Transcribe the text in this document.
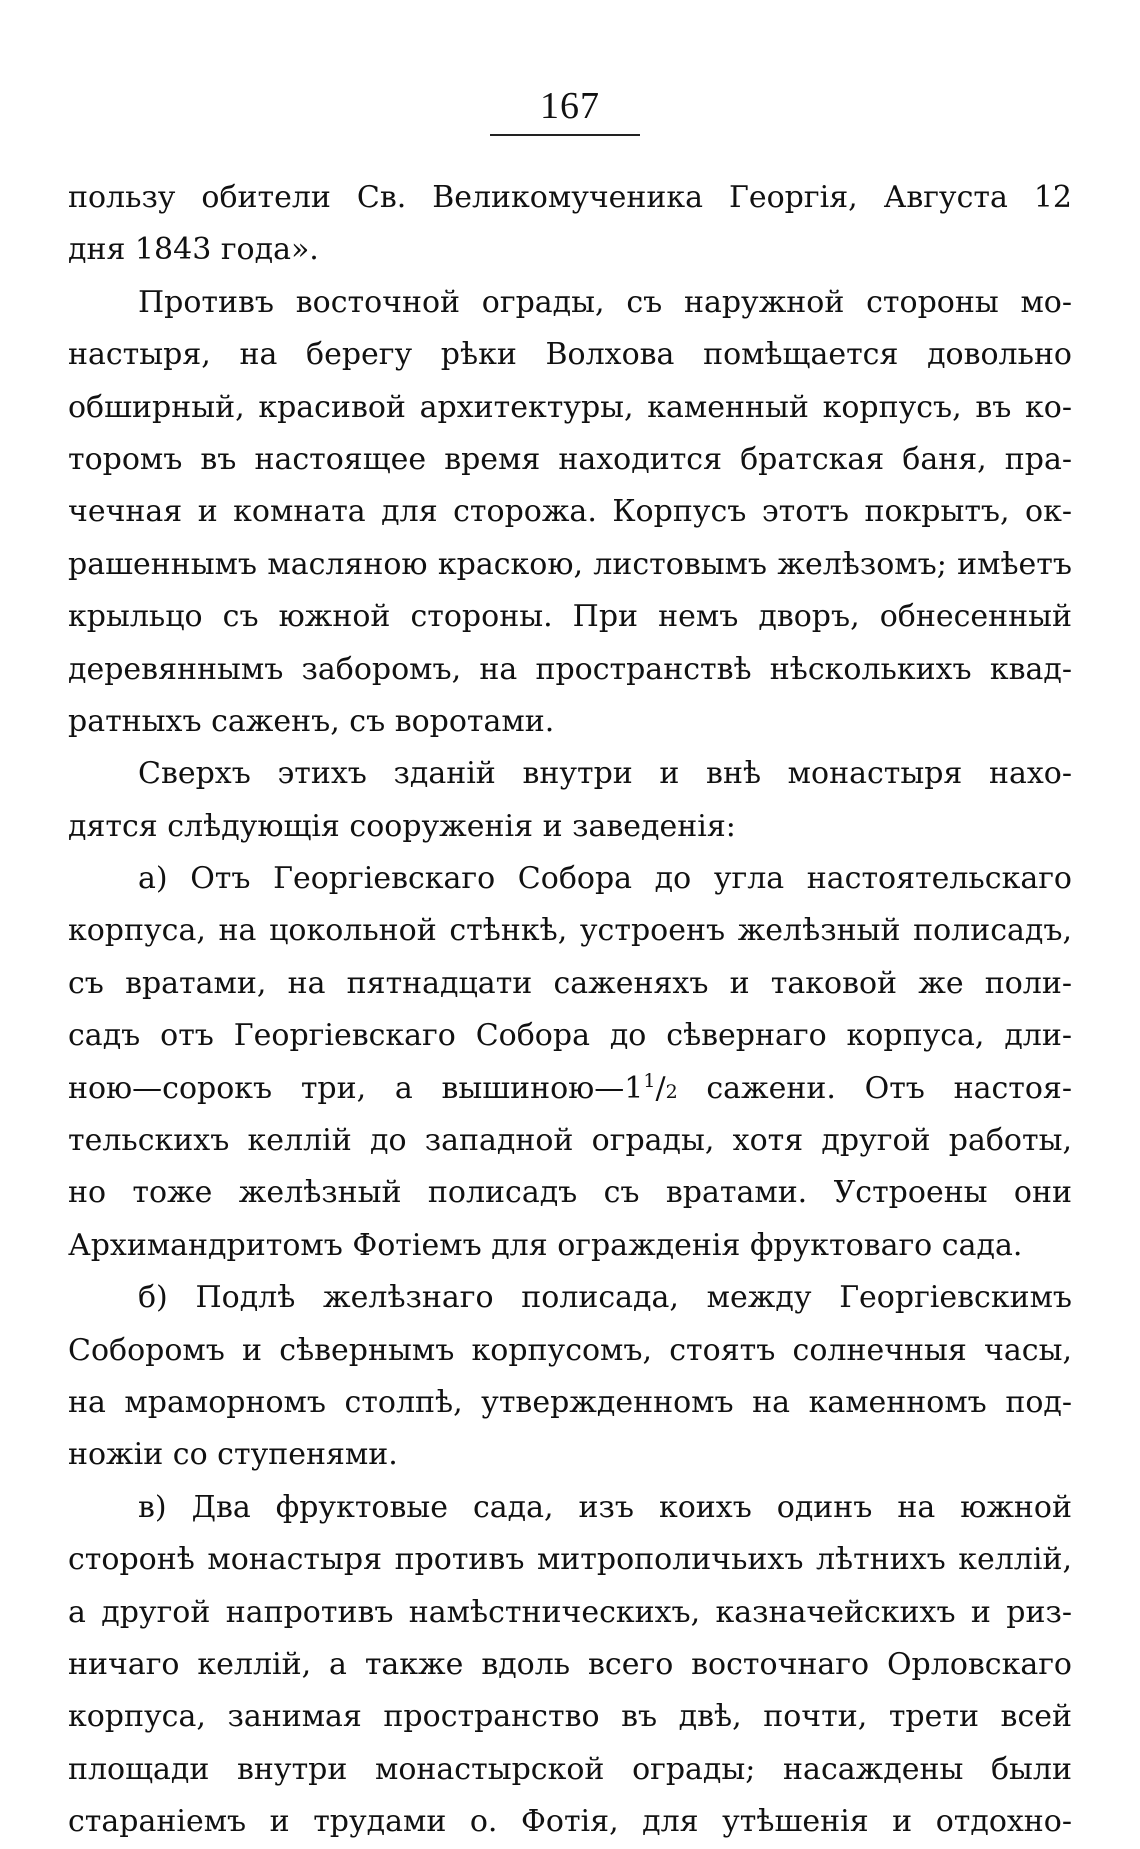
167
пользу обители Св. Великомученика Георгія, Августа 12
дня 1843 года».
Противъ восточной ограды, съ наружной стороны мо-
настыря, на берегу рѣки Волхова помѣщается довольно
обширный, красивой архитектуры, каменный корпусъ, въ ко-
торомъ въ настоящее время находится братская баня, пра-
чечная и комната для сторожа. Корпусъ этотъ покрытъ, ок-
рашеннымъ масляною краскою, листовымъ желѣзомъ; имѣетъ
крыльцо съ южной стороны. При немъ дворъ, обнесенный
деревяннымъ заборомъ, на пространствѣ нѣсколькихъ квад-
ратныхъ саженъ, съ воротами.
Сверхъ этихъ зданій внутри и внѣ монастыря нахо-
дятся слѣдующія сооруженія и заведенія:
а) Отъ Георгіевскаго Собора до угла настоятельскаго
корпуса, на цокольной стѣнкѣ, устроенъ желѣзный полисадъ,
съ вратами, на пятнадцати саженяхъ и таковой же поли-
садъ отъ Георгіевскаго Собора до сѣвернаго корпуса, дли-
ною—сорокъ три, а $вышиною—1^1/2$ сажени. Отъ настоя-
тельскихъ келлій до западной ограды, хотя другой работы,
но тоже желѣзный полисадъ съ вратами. Устроены они
Архимандритомъ Фотіемъ для огражденія фруктоваго сада.
б) Подлѣ желѣзнаго полисада, между Георгіевскимъ
Соборомъ и сѣвернымъ корпусомъ, стоятъ солнечныя часы,
на мраморномъ столпѣ, утвержденномъ на каменномъ под-
ножіи со ступенями.
в) Два фруктовые сада, изъ коихъ одинъ на южной
сторонѣ монастыря противъ митрополичьихъ лѣтнихъ келлій,
а другой напротивъ намѣстническихъ, казначейскихъ и риз-
ничаго келлій, а также вдоль всего восточнаго Орловскаго
корпуса, занимая пространство въ двѣ, почти, трети всей
площади внутри монастырской ограды; насаждены были
стараніемъ и трудами о. Фотія, для утѣшенія и отдохно-
